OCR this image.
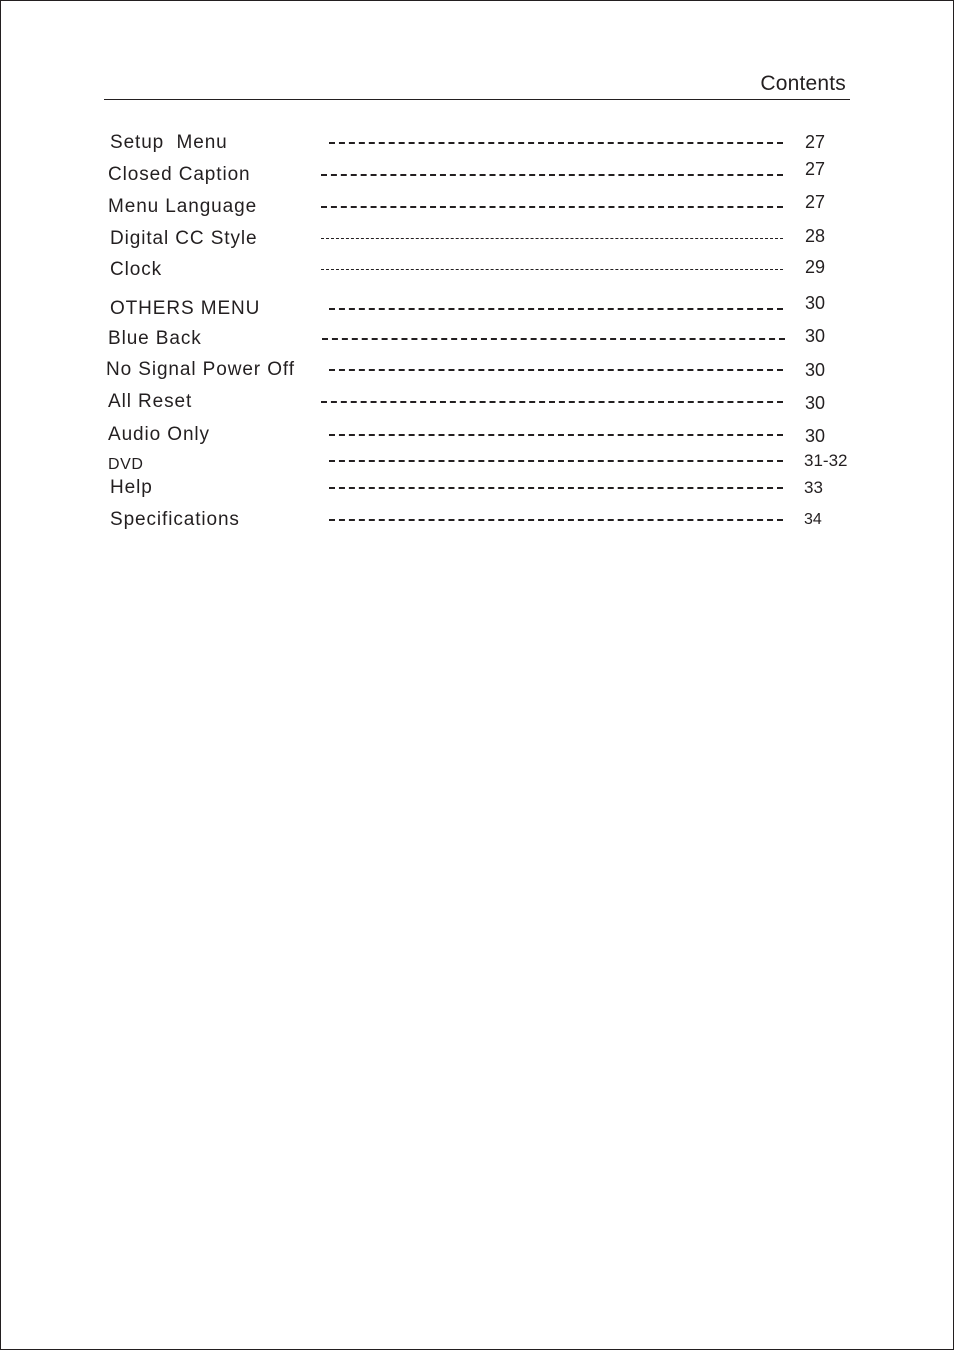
Contents
Setup  Menu	27
Closed Caption	27
Menu Language	27
Digital CC Style	28
Clock	29
OTHERS MENU	30
Blue Back	30
No Signal Power Off	30
All Reset	30
Audio Only	30
DVD	31-32
Help	33
Specifications	34
